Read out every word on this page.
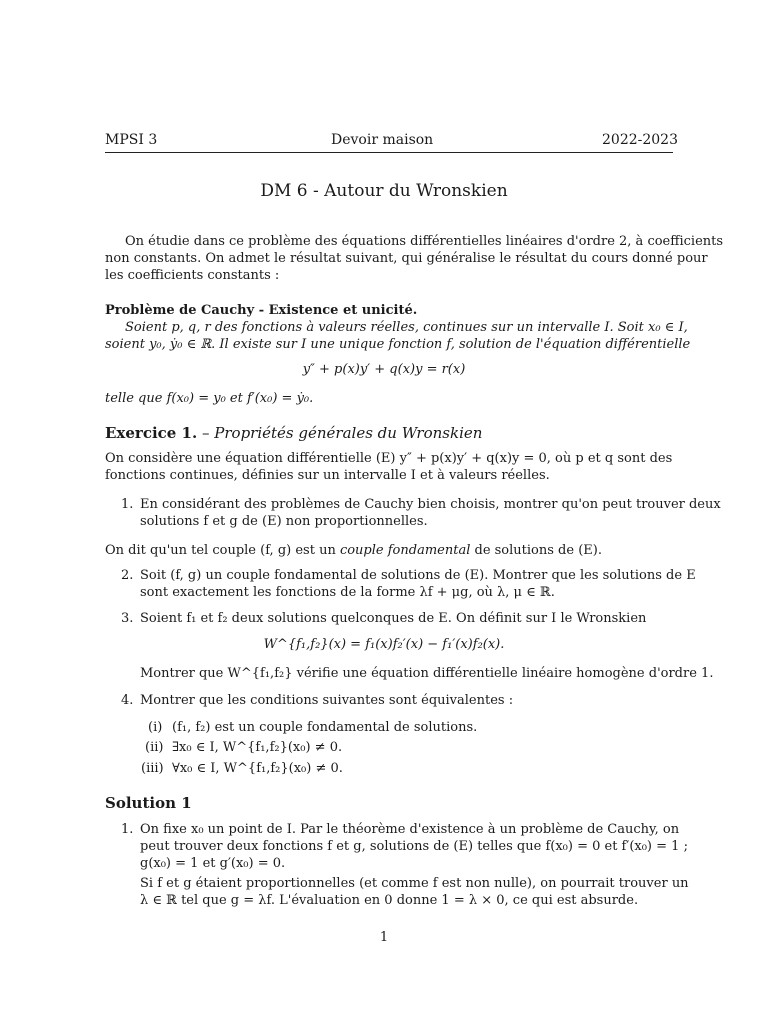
MPSI 3	Devoir maison	2022-2023
DM 6 - Autour du Wronskien
On étudie dans ce problème des équations différentielles linéaires d'ordre 2, à coefficients
non constants. On admet le résultat suivant, qui généralise le résultat du cours donné pour
les coefficients constants :
Problème de Cauchy - Existence et unicité.
Soient p, q, r des fonctions à valeurs réelles, continues sur un intervalle I. Soit x₀ ∈ I,
soient y₀, ẏ₀ ∈ ℝ. Il existe sur I une unique fonction f, solution de l'équation différentielle
y″ + p(x)y′ + q(x)y = r(x)
telle que f(x₀) = y₀ et f′(x₀) = ẏ₀.
Exercice 1. – Propriétés générales du Wronskien
On considère une équation différentielle (E) y″ + p(x)y′ + q(x)y = 0, où p et q sont des
fonctions continues, définies sur un intervalle I et à valeurs réelles.
1. En considérant des problèmes de Cauchy bien choisis, montrer qu'on peut trouver deux
solutions f et g de (E) non proportionnelles.
On dit qu'un tel couple (f, g) est un couple fondamental de solutions de (E).
2. Soit (f, g) un couple fondamental de solutions de (E). Montrer que les solutions de E
sont exactement les fonctions de la forme λf + μg, où λ, μ ∈ ℝ.
3. Soient f₁ et f₂ deux solutions quelconques de E. On définit sur I le Wronskien
W^{f₁,f₂}(x) = f₁(x)f₂′(x) − f₁′(x)f₂(x).
Montrer que W^{f₁,f₂} vérifie une équation différentielle linéaire homogène d'ordre 1.
4. Montrer que les conditions suivantes sont équivalentes :
(i) (f₁, f₂) est un couple fondamental de solutions.
(ii) ∃x₀ ∈ I, W^{f₁,f₂}(x₀) ≠ 0.
(iii) ∀x₀ ∈ I, W^{f₁,f₂}(x₀) ≠ 0.
Solution 1
1. On fixe x₀ un point de I. Par le théorème d'existence à un problème de Cauchy, on
peut trouver deux fonctions f et g, solutions de (E) telles que f(x₀) = 0 et f′(x₀) = 1 ;
g(x₀) = 1 et g′(x₀) = 0.
Si f et g étaient proportionnelles (et comme f est non nulle), on pourrait trouver un
λ ∈ ℝ tel que g = λf. L'évaluation en 0 donne 1 = λ × 0, ce qui est absurde.
1
